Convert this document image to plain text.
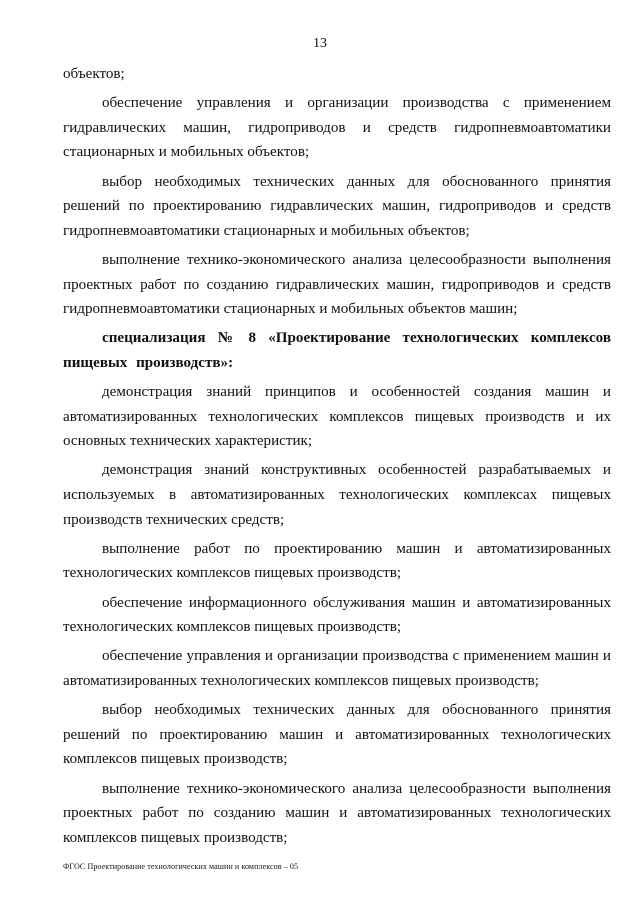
13

объектов;

обеспечение управления и организации производства с применением гидравлических машин, гидроприводов и средств гидропневмоавтоматики стационарных и мобильных объектов;

выбор необходимых технических данных для обоснованного принятия решений по проектированию гидравлических машин, гидроприводов и средств гидропневмоавтоматики стационарных и мобильных объектов;

выполнение технико-экономического анализа целесообразности выполнения проектных работ по созданию гидравлических машин, гидроприводов и средств гидропневмоавтоматики стационарных и мобильных объектов машин;

специализация № 8 «Проектирование технологических комплексов пищевых производств»:

демонстрация знаний принципов и особенностей создания машин и автоматизированных технологических комплексов пищевых производств и их основных технических характеристик;

демонстрация знаний конструктивных особенностей разрабатываемых и используемых в автоматизированных технологических комплексах пищевых производств технических средств;

выполнение работ по проектированию машин и автоматизированных технологических комплексов пищевых производств;

обеспечение информационного обслуживания машин и автоматизированных технологических комплексов пищевых производств;

обеспечение управления и организации производства с применением машин и автоматизированных технологических комплексов пищевых производств;

выбор необходимых технических данных для обоснованного принятия решений по проектированию машин и автоматизированных технологических комплексов пищевых производств;

выполнение технико-экономического анализа целесообразности выполнения проектных работ по созданию машин и автоматизированных технологических комплексов пищевых производств;

ФГОС Проектирование технологических машин и комплексов – 05
